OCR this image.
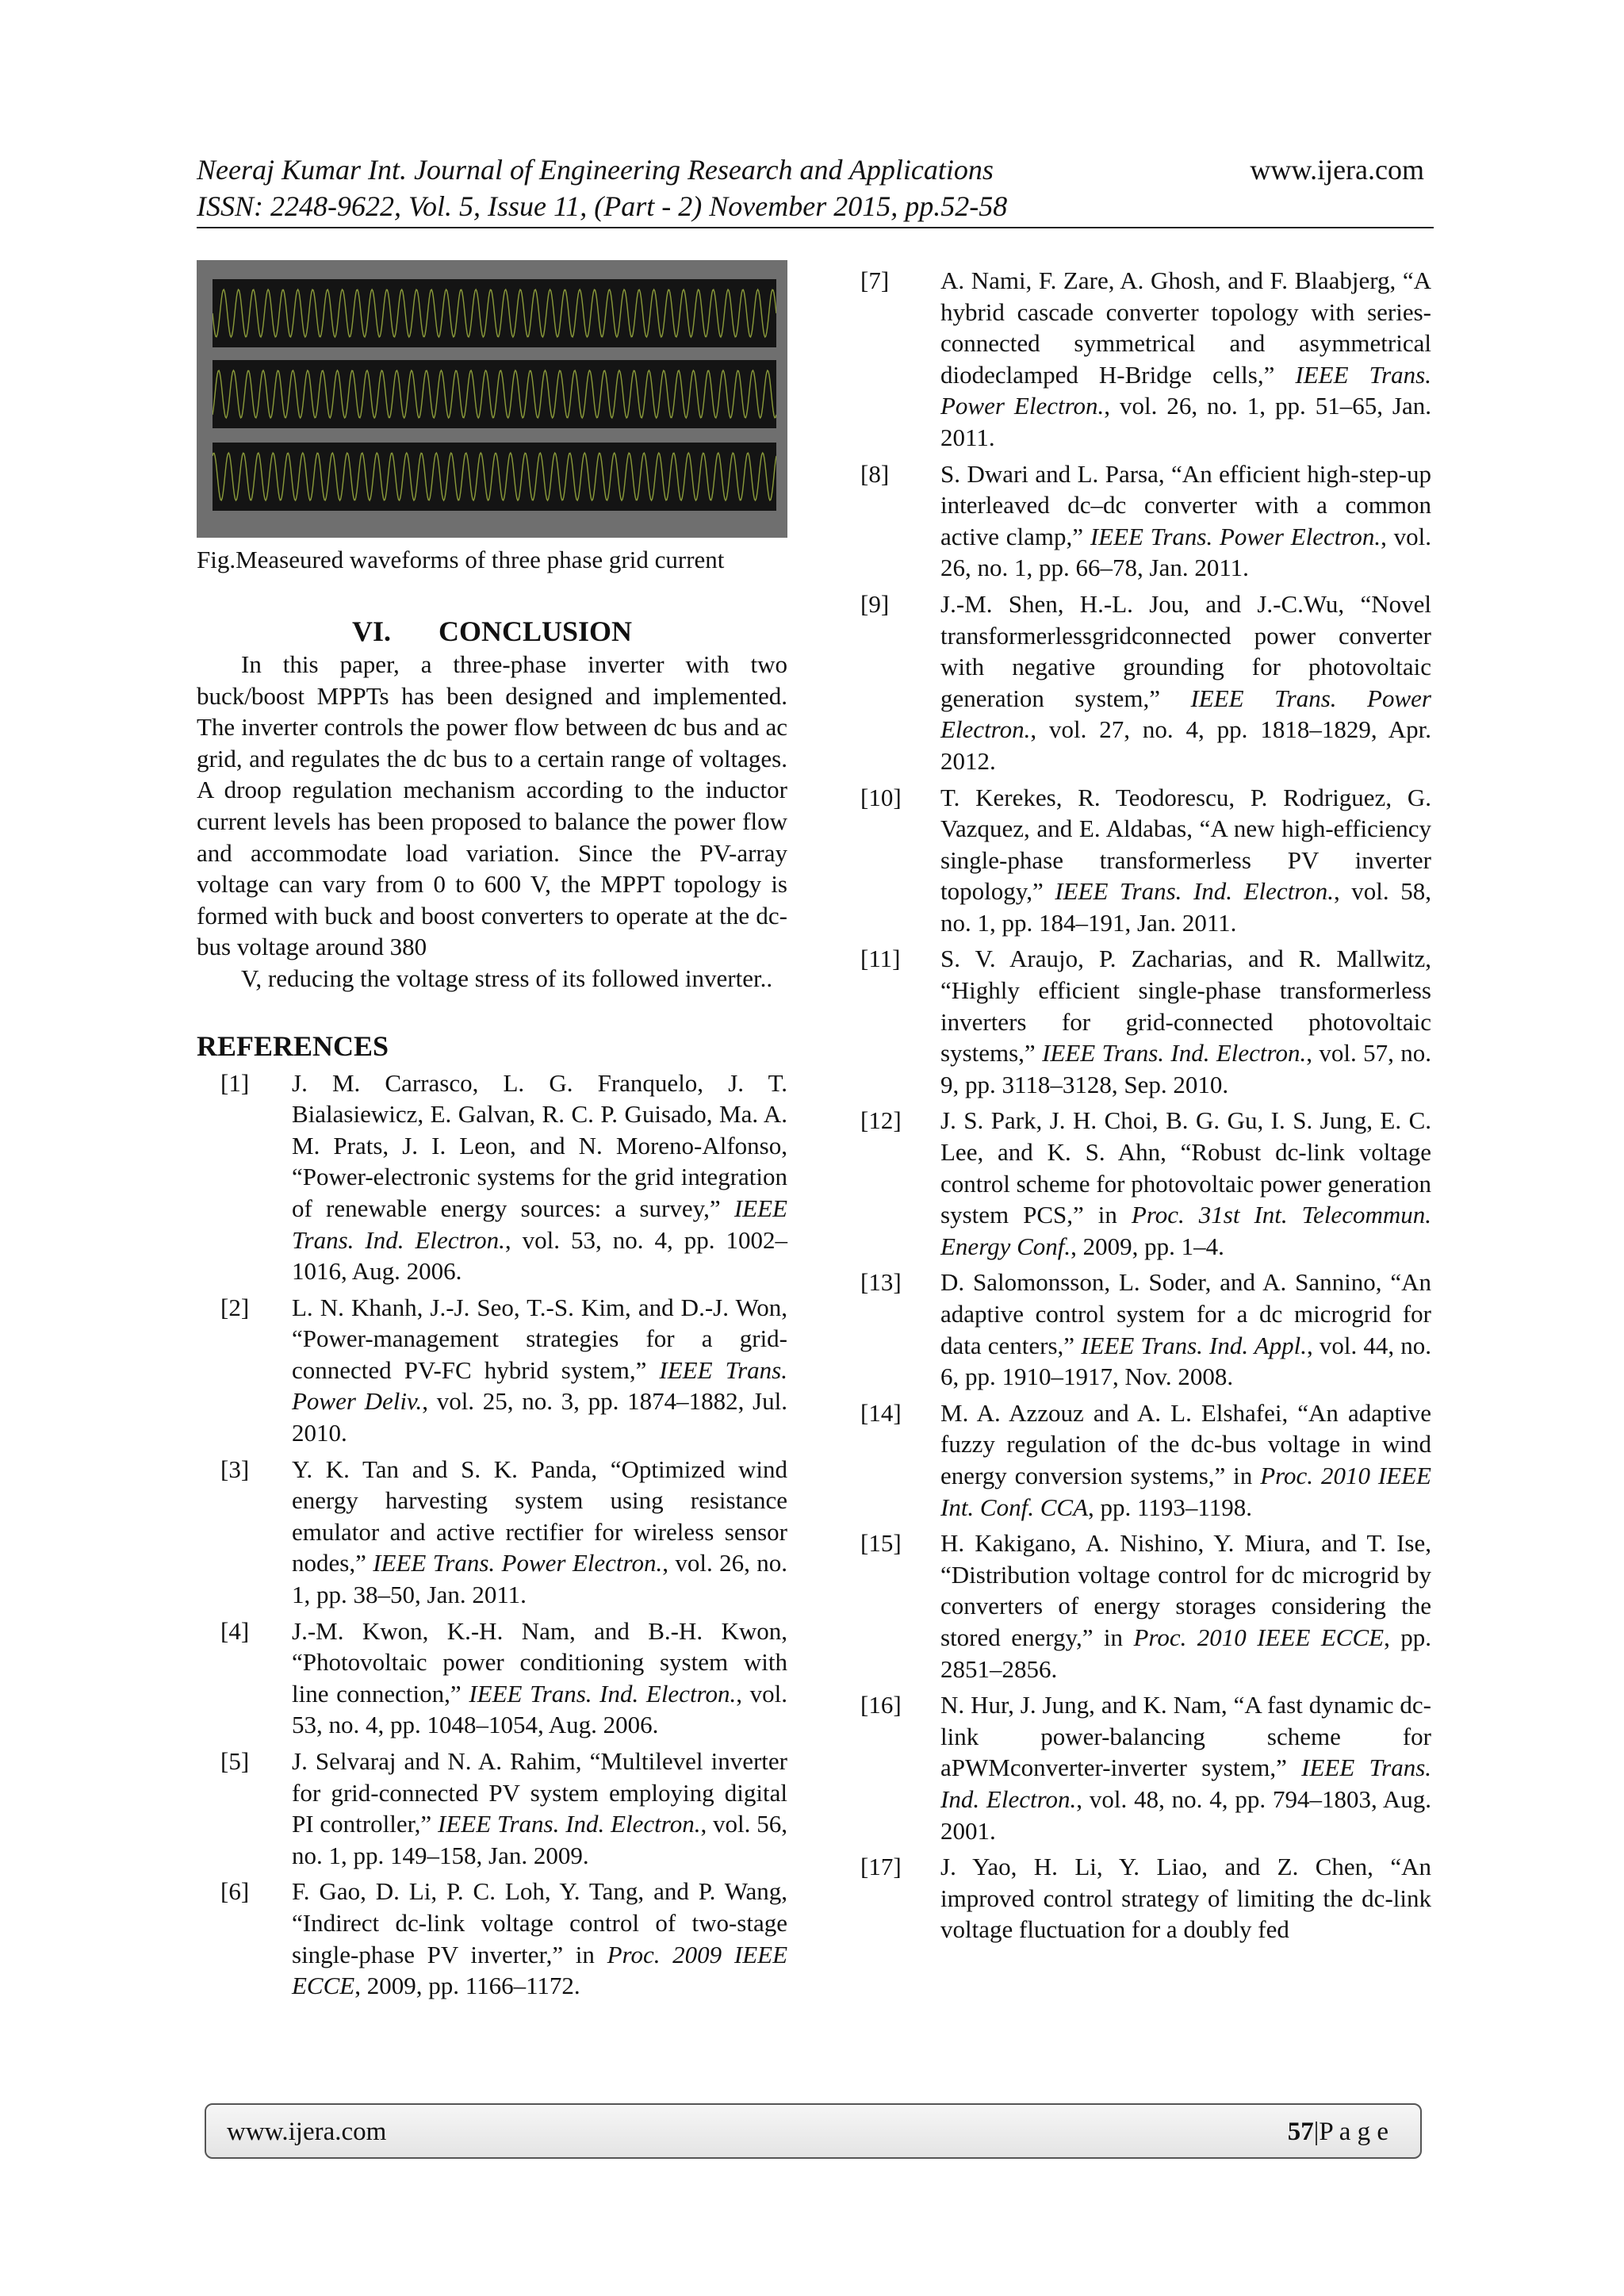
Neeraj Kumar Int. Journal of Engineering Research and Applications
ISSN: 2248-9622, Vol. 5, Issue 11, (Part - 2) November 2015, pp.52-58
www.ijera.com
Fig.Measeured waveforms of three phase grid current
VI. CONCLUSION
In this paper, a three-phase inverter with two buck/boost MPPTs has been designed and implemented. The inverter controls the power flow between dc bus and ac grid, and regulates the dc bus to a certain range of voltages. A droop regulation mechanism according to the inductor current levels has been proposed to balance the power flow and accommodate load variation. Since the PV-array voltage can vary from 0 to 600 V, the MPPT topology is formed with buck and boost converters to operate at the dc-bus voltage around 380
V, reducing the voltage stress of its followed inverter..
REFERENCES
[1]	J. M. Carrasco, L. G. Franquelo, J. T. Bialasiewicz, E. Galvan, R. C. P. Guisado, Ma. A. M. Prats, J. I. Leon, and N. Moreno-Alfonso, “Power-electronic systems for the grid integration of renewable energy sources: a survey,” IEEE Trans. Ind. Electron., vol. 53, no. 4, pp. 1002– 1016, Aug. 2006.
[2]	L. N. Khanh, J.-J. Seo, T.-S. Kim, and D.-J. Won, “Power-management strategies for a grid-connected PV-FC hybrid system,” IEEE Trans. Power Deliv., vol. 25, no. 3, pp. 1874–1882, Jul. 2010.
[3]	Y. K. Tan and S. K. Panda, “Optimized wind energy harvesting system using resistance emulator and active rectifier for wireless sensor nodes,” IEEE Trans. Power Electron., vol. 26, no. 1, pp. 38–50, Jan. 2011.
[4]	J.-M. Kwon, K.-H. Nam, and B.-H. Kwon, “Photovoltaic power conditioning system with line connection,” IEEE Trans. Ind. Electron., vol. 53, no. 4, pp. 1048–1054, Aug. 2006.
[5]	J. Selvaraj and N. A. Rahim, “Multilevel inverter for grid-connected PV system employing digital PI controller,” IEEE Trans. Ind. Electron., vol. 56, no. 1, pp. 149–158, Jan. 2009.
[6]	F. Gao, D. Li, P. C. Loh, Y. Tang, and P. Wang, “Indirect dc-link voltage control of two-stage single-phase PV inverter,” in Proc. 2009 IEEE ECCE, 2009, pp. 1166–1172.
[7]	A. Nami, F. Zare, A. Ghosh, and F. Blaabjerg, “A hybrid cascade converter topology with series-connected symmetrical and asymmetrical diodeclamped H-Bridge cells,” IEEE Trans. Power Electron., vol. 26, no. 1, pp. 51–65, Jan. 2011.
[8]	S. Dwari and L. Parsa, “An efficient high-step-up interleaved dc–dc converter with a common active clamp,” IEEE Trans. Power Electron., vol. 26, no. 1, pp. 66–78, Jan. 2011.
[9]	J.-M. Shen, H.-L. Jou, and J.-C.Wu, “Novel transformerlessgridconnected power converter with negative grounding for photovoltaic generation system,” IEEE Trans. Power Electron., vol. 27, no. 4, pp. 1818–1829, Apr. 2012.
[10]	T. Kerekes, R. Teodorescu, P. Rodriguez, G. Vazquez, and E. Aldabas, “A new high-efficiency single-phase transformerless PV inverter topology,” IEEE Trans. Ind. Electron., vol. 58, no. 1, pp. 184–191, Jan. 2011.
[11]	S. V. Araujo, P. Zacharias, and R. Mallwitz, “Highly efficient single-phase transformerless inverters for grid-connected photovoltaic systems,” IEEE Trans. Ind. Electron., vol. 57, no. 9, pp. 3118–3128, Sep. 2010.
[12]	J. S. Park, J. H. Choi, B. G. Gu, I. S. Jung, E. C. Lee, and K. S. Ahn, “Robust dc-link voltage control scheme for photovoltaic power generation system PCS,” in Proc. 31st Int. Telecommun. Energy Conf., 2009, pp. 1–4.
[13]	D. Salomonsson, L. Soder, and A. Sannino, “An adaptive control system for a dc microgrid for data centers,” IEEE Trans. Ind. Appl., vol. 44, no. 6, pp. 1910–1917, Nov. 2008.
[14]	M. A. Azzouz and A. L. Elshafei, “An adaptive fuzzy regulation of the dc-bus voltage in wind energy conversion systems,” in Proc. 2010 IEEE Int. Conf. CCA, pp. 1193–1198.
[15]	H. Kakigano, A. Nishino, Y. Miura, and T. Ise, “Distribution voltage control for dc microgrid by converters of energy storages considering the stored energy,” in Proc. 2010 IEEE ECCE, pp. 2851–2856.
[16]	N. Hur, J. Jung, and K. Nam, “A fast dynamic dc-link power-balancing scheme for aPWMconverter-inverter system,” IEEE Trans. Ind. Electron., vol. 48, no. 4, pp. 794–1803, Aug. 2001.
[17]	J. Yao, H. Li, Y. Liao, and Z. Chen, “An improved control strategy of limiting the dc-link voltage fluctuation for a doubly fed
www.ijera.com	57|P a g e
